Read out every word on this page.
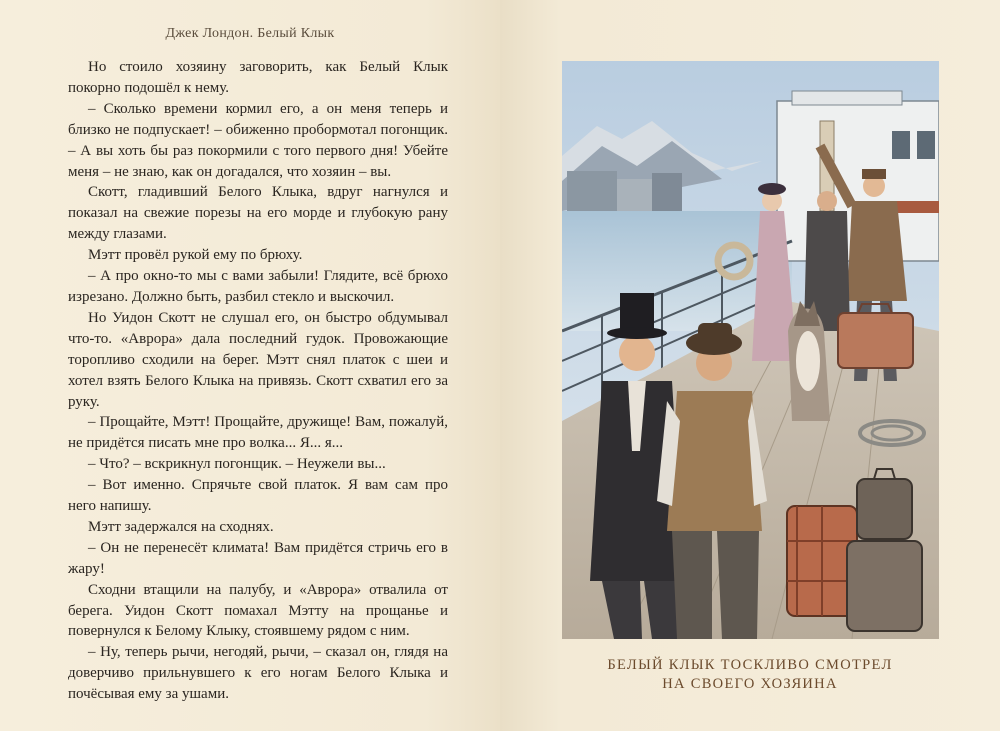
Джек Лондон. Белый Клык

Но стоило хозяину заговорить, как Белый Клык покорно подошёл к нему.

– Сколько времени кормил его, а он меня теперь и близко не подпускает! – обиженно пробормотал погонщик. – А вы хоть бы раз покормили с того первого дня! Убейте меня – не знаю, как он догадался, что хозяин – вы.

Скотт, гладивший Белого Клыка, вдруг нагнулся и показал на свежие порезы на его морде и глубокую рану между глазами.

Мэтт провёл рукой ему по брюху.

– А про окно-то мы с вами забыли! Глядите, всё брюхо изрезано. Должно быть, разбил стекло и выскочил.

Но Уидон Скотт не слушал его, он быстро обдумывал что-то. «Аврора» дала последний гудок. Провожающие торопливо сходили на берег. Мэтт снял платок с шеи и хотел взять Белого Клыка на привязь. Скотт схватил его за руку.

– Прощайте, Мэтт! Прощайте, дружище! Вам, пожалуй, не придётся писать мне про волка... Я... я...

– Что? – вскрикнул погонщик. – Неужели вы...

– Вот именно. Спрячьте свой платок. Я вам сам про него напишу.

Мэтт задержался на сходнях.

– Он не перенесёт климата! Вам придётся стричь его в жару!

Сходни втащили на палубу, и «Аврора» отвалила от берега. Уидон Скотт помахал Мэтту на прощанье и повернулся к Белому Клыку, стоявшему рядом с ним.

– Ну, теперь рычи, негодяй, рычи, – сказал он, глядя на доверчиво прильнувшего к его ногам Белого Клыка и почёсывая ему за ушами.

БЕЛЫЙ КЛЫК ТОСКЛИВО СМОТРЕЛ
НА СВОЕГО ХОЗЯИНА
